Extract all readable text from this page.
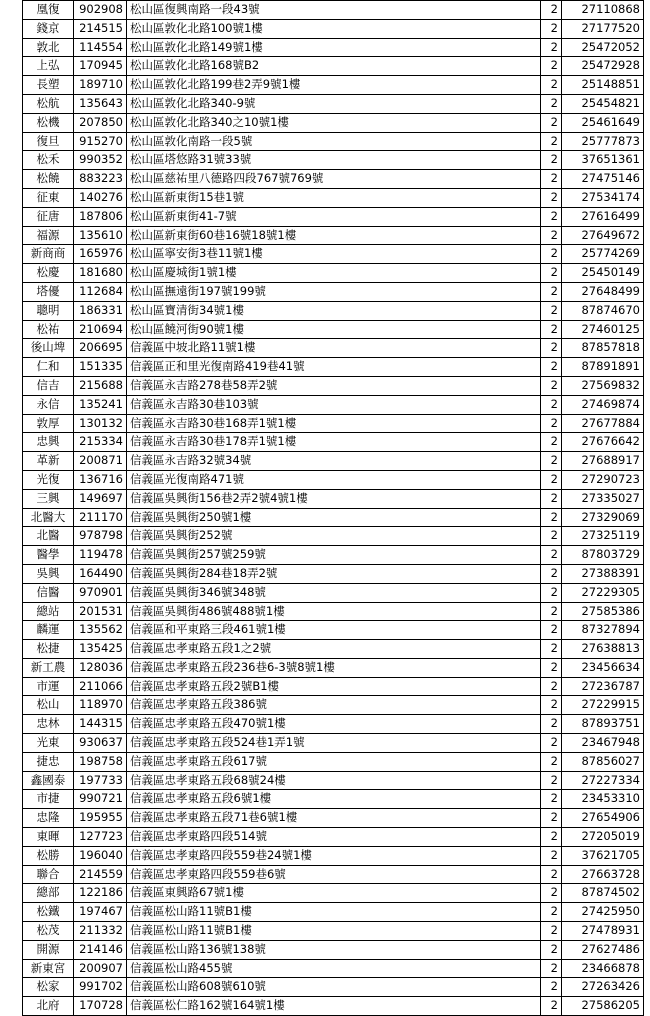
凰復	902908	松山區復興南路一段43號	2	27110868
錢京	214515	松山區敦化北路100號1樓	2	27177520
敦北	114554	松山區敦化北路149號1樓	2	25472052
上弘	170945	松山區敦化北路168號B2	2	25472928
長塑	189710	松山區敦化北路199巷2弄9號1樓	2	25148851
松航	135643	松山區敦化北路340-9號	2	25454821
松機	207850	松山區敦化北路340之10號1樓	2	25461649
復旦	915270	松山區敦化南路一段5號	2	25777873
松禾	990352	松山區塔悠路31號33號	2	37651361
松饒	883223	松山區慈祐里八德路四段767號769號	2	27475146
征東	140276	松山區新東街15巷1號	2	27534174
征唐	187806	松山區新東街41-7號	2	27616499
福源	135610	松山區新東街60巷16號18號1樓	2	27649672
新商商	165976	松山區寧安街3巷11號1樓	2	25774269
松慶	181680	松山區慶城街1號1樓	2	25450149
塔優	112684	松山區撫遠街197號199號	2	27648499
聰明	186331	松山區寶清街34號1樓	2	87874670
松祐	210694	松山區饒河街90號1樓	2	27460125
後山埤	206695	信義區中坡北路11號1樓	2	87857818
仁和	151335	信義區正和里光復南路419巷41號	2	87891891
信吉	215688	信義區永吉路278巷58弄2號	2	27569832
永信	135241	信義區永吉路30巷103號	2	27469874
敦厚	130132	信義區永吉路30巷168弄1號1樓	2	27677884
忠興	215334	信義區永吉路30巷178弄1號1樓	2	27676642
革新	200871	信義區永吉路32號34號	2	27688917
光復	136716	信義區光復南路471號	2	27290723
三興	149697	信義區吳興街156巷2弄2號4號1樓	2	27335027
北醫大	211170	信義區吳興街250號1樓	2	27329069
北醫	978798	信義區吳興街252號	2	27325119
醫學	119478	信義區吳興街257號259號	2	87803729
吳興	164490	信義區吳興街284巷18弄2號	2	27388391
信醫	970901	信義區吳興街346號348號	2	27229305
總站	201531	信義區吳興街486號488號1樓	2	27585386
麟運	135562	信義區和平東路三段461號1樓	2	87327894
松捷	135425	信義區忠孝東路五段1之2號	2	27638813
新工農	128036	信義區忠孝東路五段236巷6-3號8號1樓	2	23456634
市運	211066	信義區忠孝東路五段2號B1樓	2	27236787
松山	118970	信義區忠孝東路五段386號	2	27229915
忠林	144315	信義區忠孝東路五段470號1樓	2	87893751
光東	930637	信義區忠孝東路五段524巷1弄1號	2	23467948
捷忠	198758	信義區忠孝東路五段617號	2	87856027
鑫國泰	197733	信義區忠孝東路五段68號24樓	2	27227334
市捷	990721	信義區忠孝東路五段6號1樓	2	23453310
忠隆	195955	信義區忠孝東路五段71巷6號1樓	2	27654906
東暉	127723	信義區忠孝東路四段514號	2	27205019
松勝	196040	信義區忠孝東路四段559巷24號1樓	2	37621705
聯合	214559	信義區忠孝東路四段559巷6號	2	27663728
總部	122186	信義區東興路67號1樓	2	87874502
松鐵	197467	信義區松山路11號B1樓	2	27425950
松茂	211332	信義區松山路11號B1樓	2	27478931
開源	214146	信義區松山路136號138號	2	27627486
新東宮	200907	信義區松山路455號	2	23466878
松家	991702	信義區松山路608號610號	2	27263426
北府	170728	信義區松仁路162號164號1樓	2	27586205
